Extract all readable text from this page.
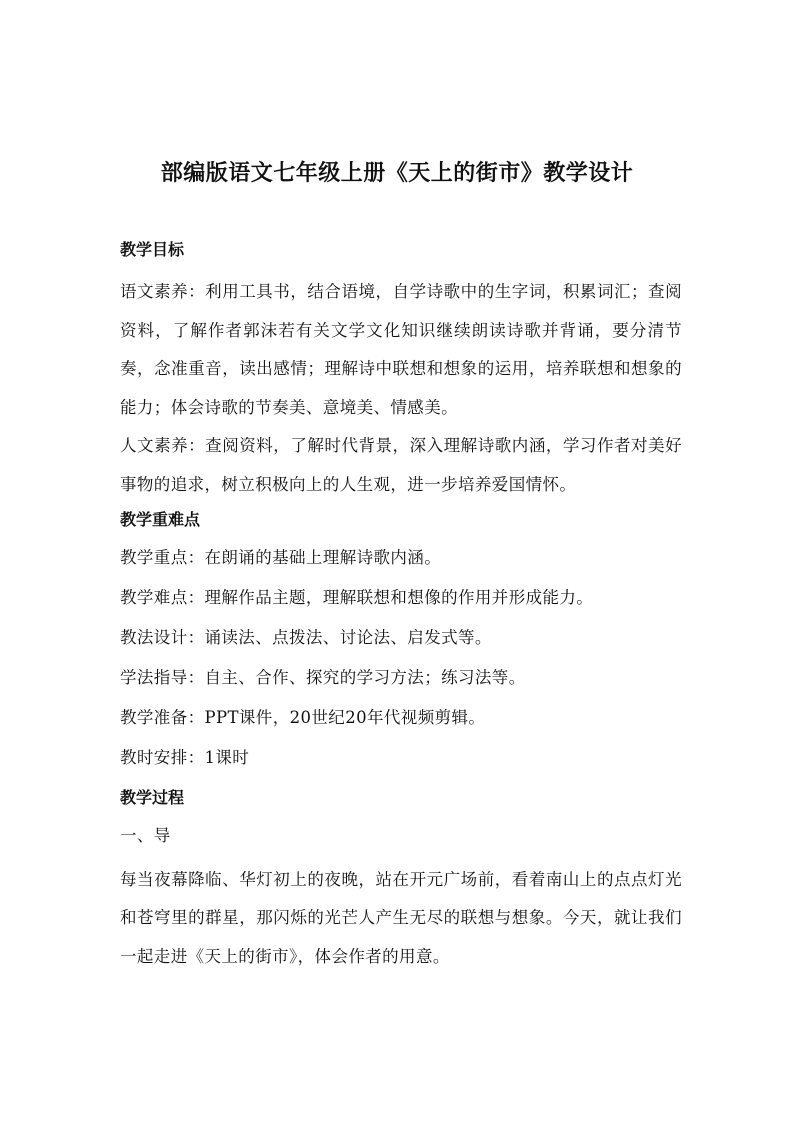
部编版语文七年级上册《天上的街市》教学设计
教学目标

语文素养：利用工具书，结合语境，自学诗歌中的生字词，积累词汇；查阅资料，了解作者郭沫若有关文学文化知识继续朗读诗歌并背诵，要分清节奏，念准重音，读出感情；理解诗中联想和想象的运用，培养联想和想象的能力；体会诗歌的节奏美、意境美、情感美。

人文素养：查阅资料，了解时代背景，深入理解诗歌内涵，学习作者对美好事物的追求，树立积极向上的人生观，进一步培养爱国情怀。

教学重难点
教学重点：在朗诵的基础上理解诗歌内涵。
教学难点：理解作品主题，理解联想和想像的作用并形成能力。
教法设计：诵读法、点拨法、讨论法、启发式等。
学法指导：自主、合作、探究的学习方法；练习法等。
教学准备：PPT课件，20世纪20年代视频剪辑。
教时安排：1课时
教学过程
一、导

每当夜幕降临、华灯初上的夜晚，站在开元广场前，看着南山上的点点灯光和苍穹里的群星，那闪烁的光芒人产生无尽的联想与想象。今天，就让我们一起走进《天上的街市》，体会作者的用意。
